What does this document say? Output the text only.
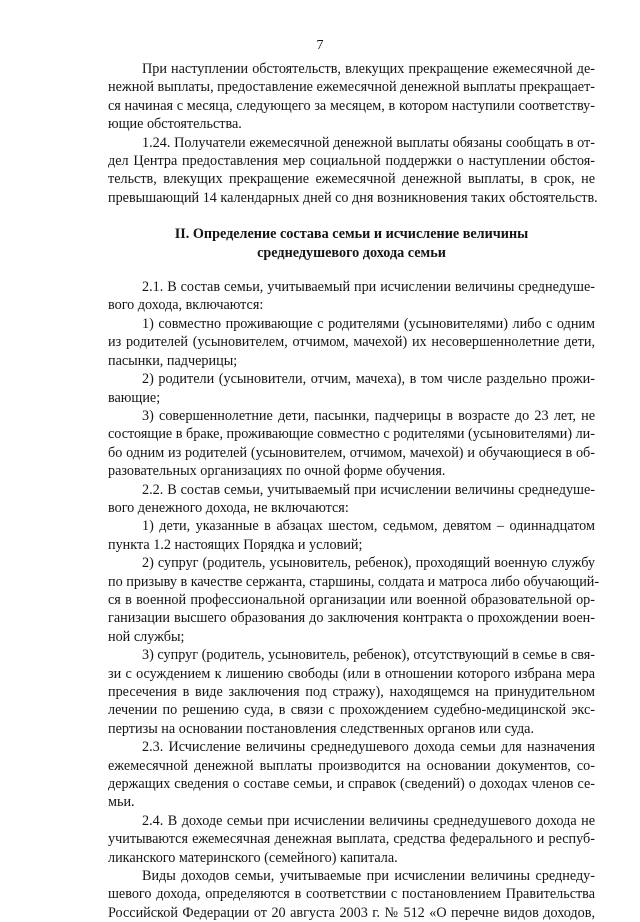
7
При наступлении обстоятельств, влекущих прекращение ежемесячной де-
нежной выплаты, предоставление ежемесячной денежной выплаты прекращает-
ся начиная с месяца, следующего за месяцем, в котором наступили соответству-
ющие обстоятельства.
1.24. Получатели ежемесячной денежной выплаты обязаны сообщать в от-
дел Центра предоставления мер социальной поддержки о наступлении обстоя-
тельств, влекущих прекращение ежемесячной денежной выплаты, в срок, не
превышающий 14 календарных дней со дня возникновения таких обстоятельств.
II. Определение состава семьи и исчисление величины
среднедушевого дохода семьи
2.1. В состав семьи, учитываемый при исчислении величины среднедуше-
вого дохода, включаются:
1) совместно проживающие с родителями (усыновителями) либо с одним
из родителей (усыновителем, отчимом, мачехой) их несовершеннолетние дети,
пасынки, падчерицы;
2) родители (усыновители, отчим, мачеха), в том числе раздельно прожи-
вающие;
3) совершеннолетние дети, пасынки, падчерицы в возрасте до 23 лет, не
состоящие в браке, проживающие совместно с родителями (усыновителями) ли-
бо одним из родителей (усыновителем, отчимом, мачехой) и обучающиеся в об-
разовательных организациях по очной форме обучения.
2.2. В состав семьи, учитываемый при исчислении величины среднедуше-
вого денежного дохода, не включаются:
1) дети, указанные в абзацах шестом, седьмом, девятом – одиннадцатом
пункта 1.2 настоящих Порядка и условий;
2) супруг (родитель, усыновитель, ребенок), проходящий военную службу
по призыву в качестве сержанта, старшины, солдата и матроса либо обучающий-
ся в военной профессиональной организации или военной образовательной ор-
ганизации высшего образования до заключения контракта о прохождении воен-
ной службы;
3) супруг (родитель, усыновитель, ребенок), отсутствующий в семье в свя-
зи с осуждением к лишению свободы (или в отношении которого избрана мера
пресечения в виде заключения под стражу), находящемся на принудительном
лечении по решению суда, в связи с прохождением судебно-медицинской экс-
пертизы на основании постановления следственных органов или суда.
2.3. Исчисление величины среднедушевого дохода семьи для назначения
ежемесячной денежной выплаты производится на основании документов, со-
держащих сведения о составе семьи, и справок (сведений) о доходах членов се-
мьи.
2.4. В доходе семьи при исчислении величины среднедушевого дохода не
учитываются ежемесячная денежная выплата, средства федерального и респуб-
ликанского материнского (семейного) капитала.
Виды доходов семьи, учитываемые при исчислении величины среднеду-
шевого дохода, определяются в соответствии с постановлением Правительства
Российской Федерации от 20 августа 2003 г. № 512 «О перечне видов доходов,
